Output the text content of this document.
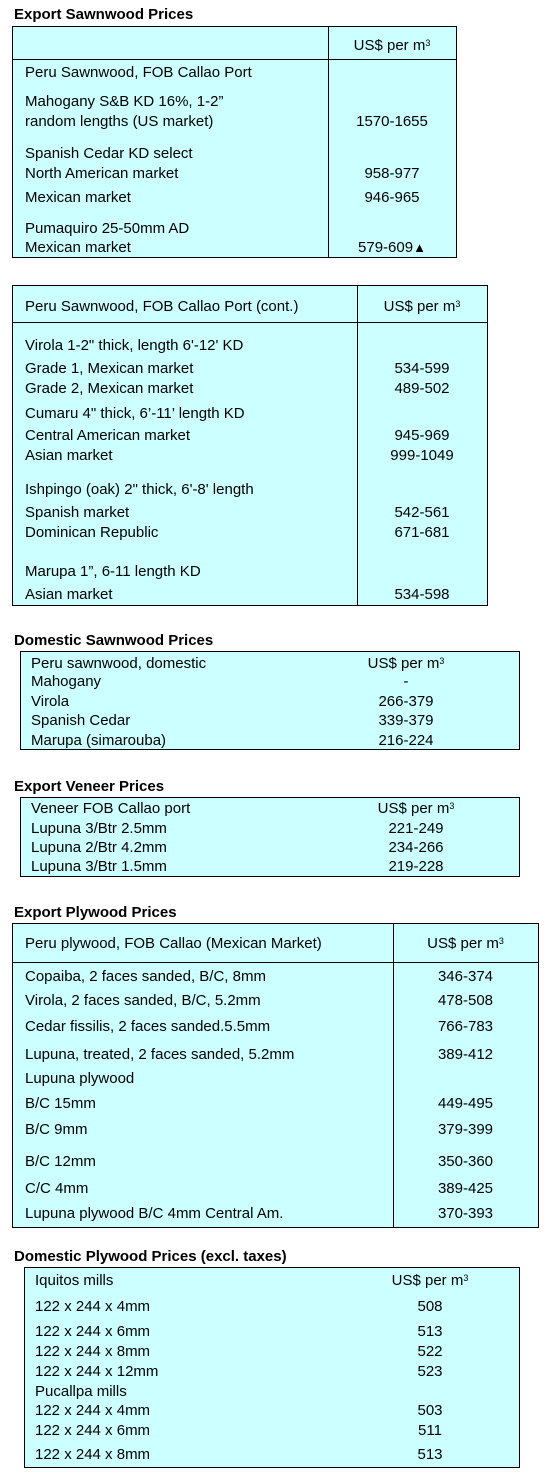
Export Sawnwood Prices
US$ per $m^3$
Peru Sawnwood, FOB Callao Port
Mahogany S&B KD 16%, 1-2”
random lengths (US market)	1570-1655
Spanish Cedar KD select
North American market	958-977
Mexican market	946-965
Pumaquiro 25-50mm AD
Mexican market	579-609▲
Peru Sawnwood, FOB Callao Port (cont.)	US$ per $m^3$
Virola 1-2" thick, length 6'-12' KD
Grade 1, Mexican market	534-599
Grade 2, Mexican market	489-502
Cumaru 4" thick, 6’-11’ length KD
Central American market	945-969
Asian market	999-1049
Ishpingo (oak) 2" thick, 6'-8' length
Spanish market	542-561
Dominican Republic	671-681
Marupa 1”, 6-11 length KD
Asian market	534-598
Domestic Sawnwood Prices
Peru sawnwood, domestic	US$ per $m^3$
Mahogany	-
Virola	266-379
Spanish Cedar	339-379
Marupa (simarouba)	216-224
Export Veneer Prices
Veneer FOB Callao port	US$ per $m^3$
Lupuna 3/Btr 2.5mm	221-249
Lupuna 2/Btr 4.2mm	234-266
Lupuna 3/Btr 1.5mm	219-228
Export Plywood Prices
Peru plywood, FOB Callao (Mexican Market)	US$ per $m^3$
Copaiba, 2 faces sanded, B/C, 8mm	346-374
Virola, 2 faces sanded, B/C, 5.2mm	478-508
Cedar fissilis, 2 faces sanded.5.5mm	766-783
Lupuna, treated, 2 faces sanded, 5.2mm	389-412
Lupuna plywood
B/C 15mm	449-495
B/C 9mm	379-399
B/C 12mm	350-360
C/C 4mm	389-425
Lupuna plywood B/C 4mm Central Am.	370-393
Domestic Plywood Prices (excl. taxes)
Iquitos mills	US$ per $m^3$
122 x 244 x 4mm	508
122 x 244 x 6mm	513
122 x 244 x 8mm	522
122 x 244 x 12mm	523
Pucallpa mills
122 x 244 x 4mm	503
122 x 244 x 6mm	511
122 x 244 x 8mm	513
